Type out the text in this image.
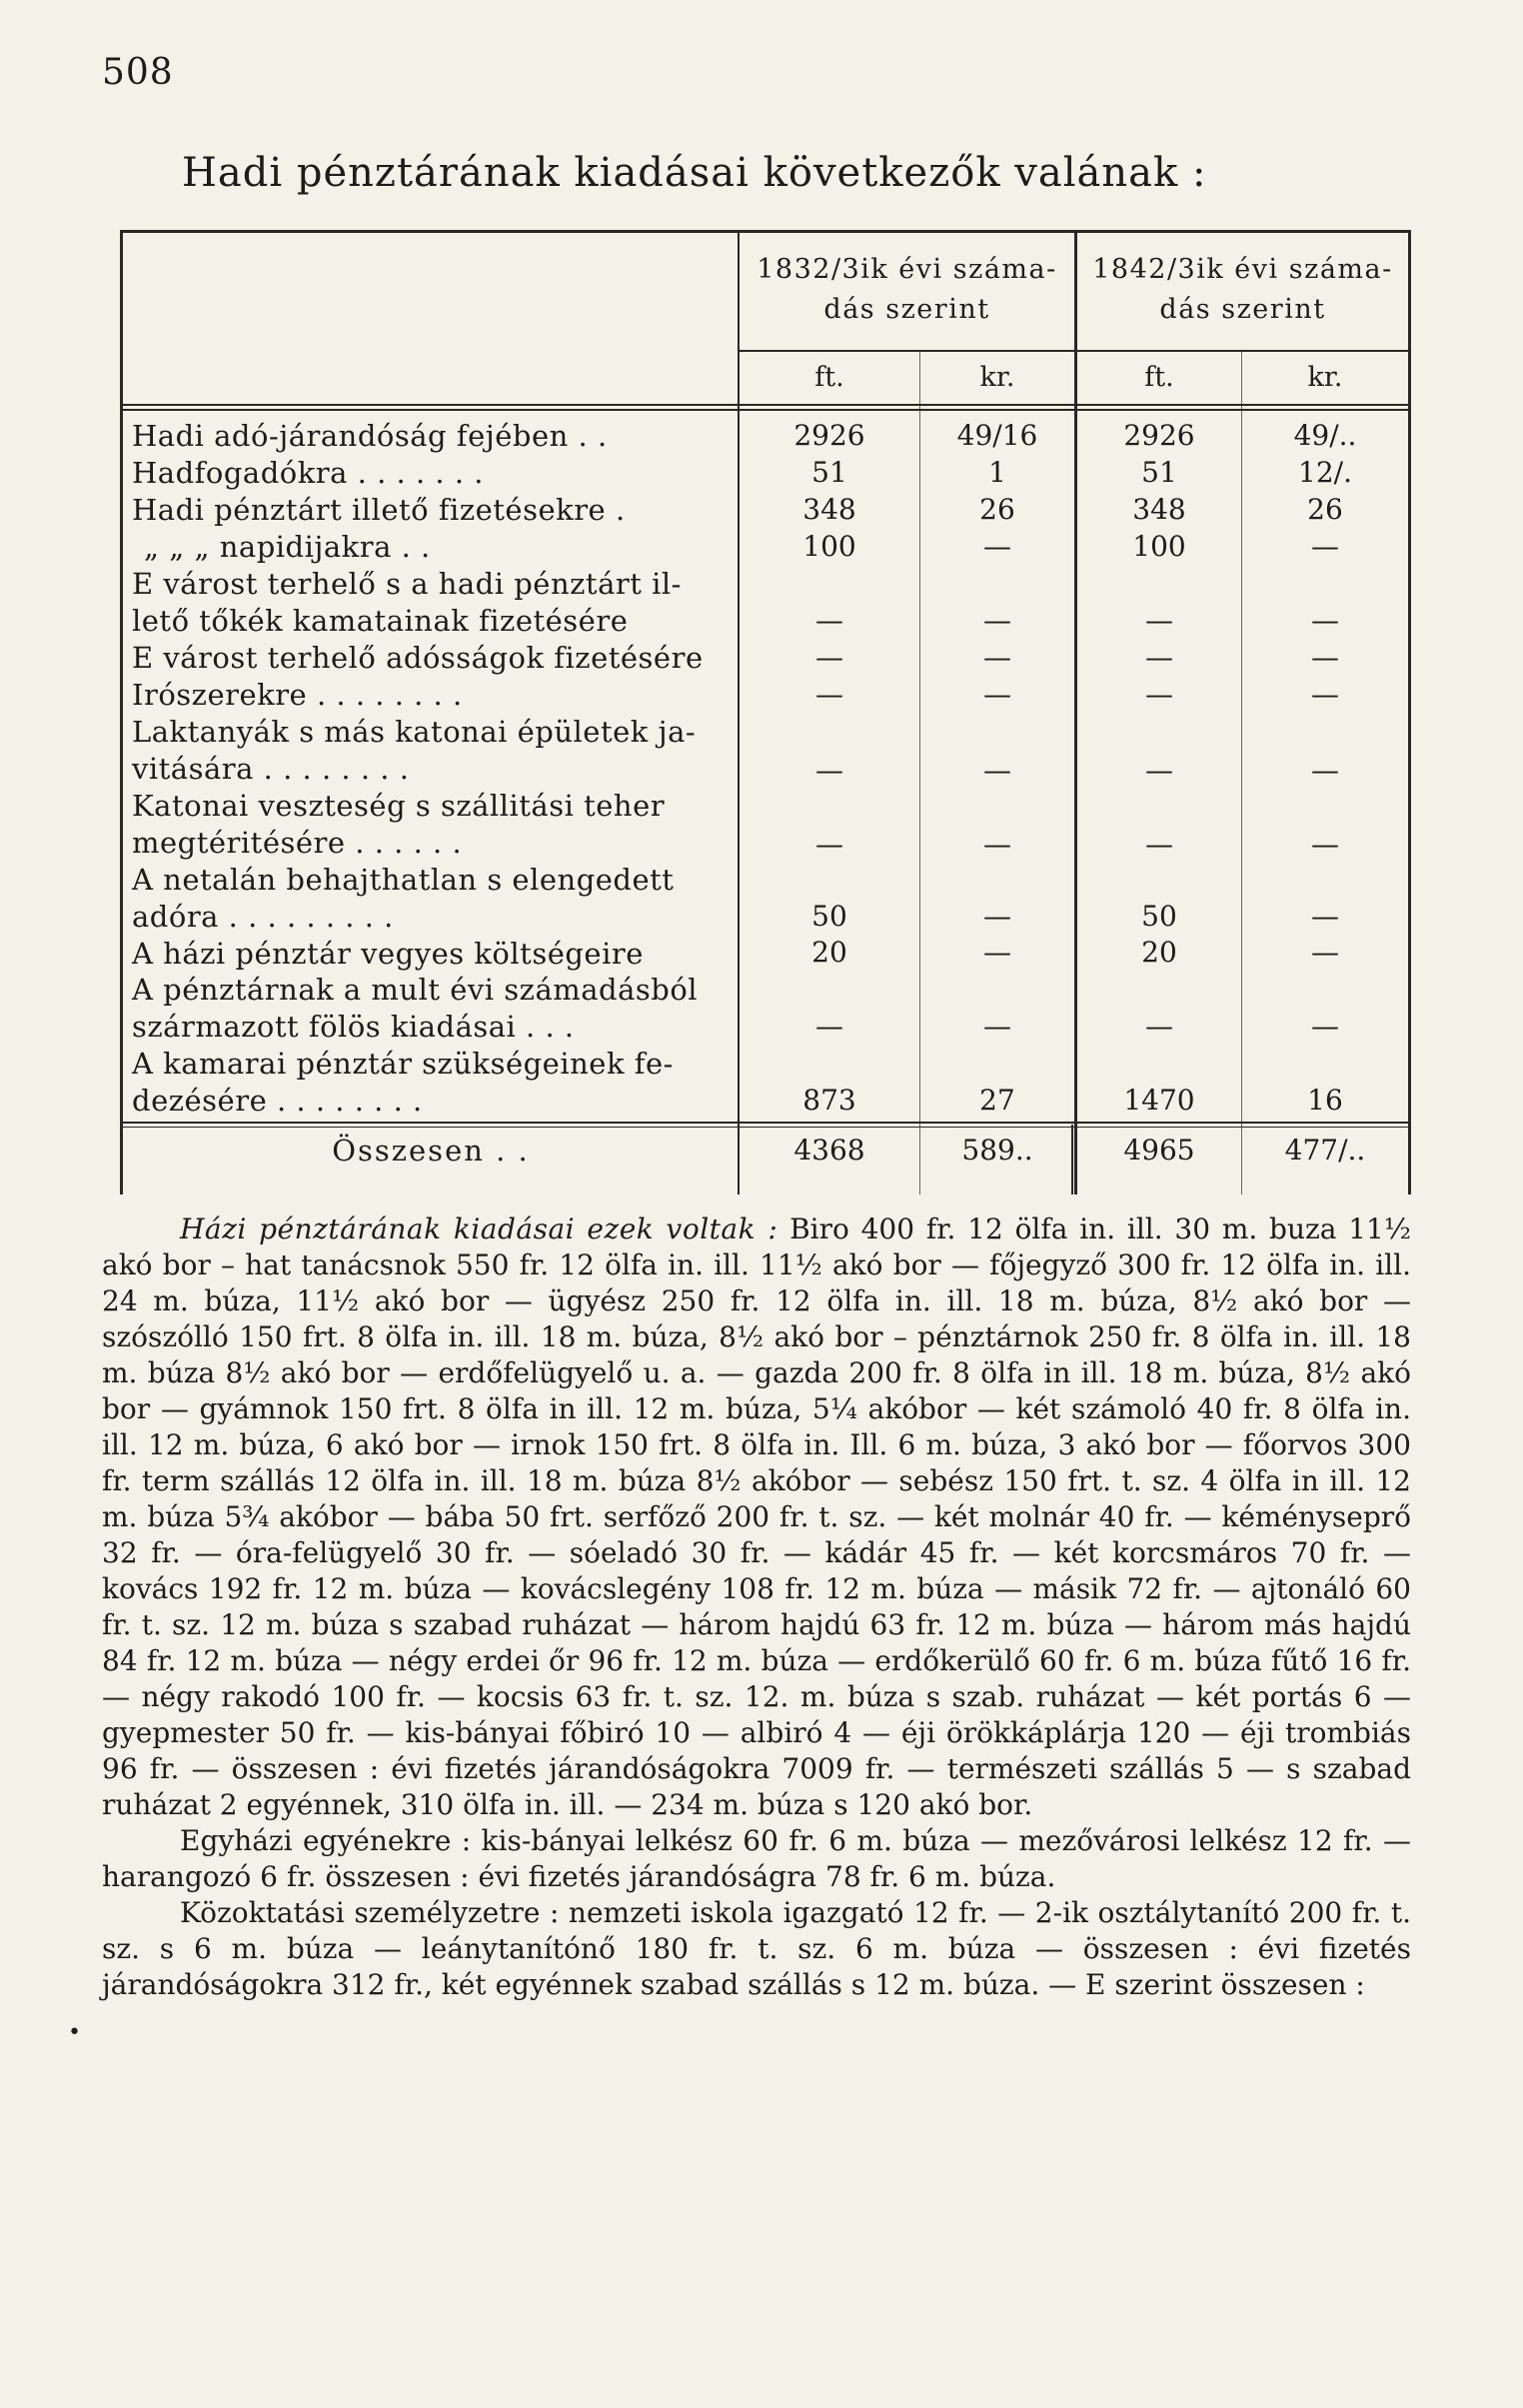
508
Hadi pénztárának kiadásai következők valának :
1832/3ik évi száma-
dás szerint
1842/3ik évi száma-
dás szerint
ft.	kr.	ft.	kr.
Hadi adó-járandóság fejében . .	2926	49/16	2926	49/..
Hadfogadókra . . . . . . .	51	1	51	12/.
Hadi pénztárt illető fizetésekre .	348	26	348	26
„ „ „ napidijakra . .	100	—	100	—
E várost terhelő s a hadi pénztárt il-
lető tőkék kamatainak fizetésére	—	—	—	—
E várost terhelő adósságok fizetésére	—	—	—	—
Irószerekre . . . . . . . .	—	—	—	—
Laktanyák s más katonai épületek ja-
vitására . . . . . . . .	—	—	—	—
Katonai veszteség s szállitási teher
megtéritésére . . . . . .	—	—	—	—
A netalán behajthatlan s elengedett
adóra . . . . . . . . .	50	—	50	—
A házi pénztár vegyes költségeire	20	—	20	—
A pénztárnak a mult évi számadásból
származott fölös kiadásai . . .	—	—	—	—
A kamarai pénztár szükségeinek fe-
dezésére . . . . . . . .	873	27	1470	16
Összesen . .	4368	589..	4965	477/..
•

Házi pénztárának kiadásai ezek voltak : Biro 400 fr. 12 ölfa in. ill. 30 m. buza 11½ akó bor – hat tanácsnok 550 fr. 12 ölfa in. ill. 11½ akó bor — főjegyző 300 fr. 12 ölfa in. ill. 24 m. búza, 11½ akó bor — ügyész 250 fr. 12 ölfa in. ill. 18 m. búza, 8½ akó bor — szószólló 150 frt. 8 ölfa in. ill. 18 m. búza, 8½ akó bor – pénztárnok 250 fr. 8 ölfa in. ill. 18 m. búza 8½ akó bor — erdőfelügyelő u. a. — gazda 200 fr. 8 ölfa in ill. 18 m. búza, 8½ akó bor — gyámnok 150 frt. 8 ölfa in ill. 12 m. búza, 5¼ akóbor — két számoló 40 fr. 8 ölfa in. ill. 12 m. búza, 6 akó bor — irnok 150 frt. 8 ölfa in. Ill. 6 m. búza, 3 akó bor — főorvos 300 fr. term szállás 12 ölfa in. ill. 18 m. búza 8½ akóbor — sebész 150 frt. t. sz. 4 ölfa in ill. 12 m. búza 5¾ akóbor — bába 50 frt. serfőző 200 fr. t. sz. — két molnár 40 fr. — kéményseprő 32 fr. — óra-felügyelő 30 fr. — sóeladó 30 fr. — kádár 45 fr. — két korcsmáros 70 fr. — kovács 192 fr. 12 m. búza — kovácslegény 108 fr. 12 m. búza — másik 72 fr. — ajtonáló 60 fr. t. sz. 12 m. búza s szabad ruházat — három hajdú 63 fr. 12 m. búza — három más hajdú 84 fr. 12 m. búza — négy erdei őr 96 fr. 12 m. búza — erdőkerülő 60 fr. 6 m. búza fűtő 16 fr. — négy rakodó 100 fr. — kocsis 63 fr. t. sz. 12. m. búza s szab. ruházat — két portás 6 — gyepmester 50 fr. — kis-bányai főbiró 10 — albiró 4 — éji örökkáplárja 120 — éji trombiás 96 fr. — összesen : évi fizetés járandóságokra 7009 fr. — természeti szállás 5 — s szabad ruházat 2 egyénnek, 310 ölfa in. ill. — 234 m. búza s 120 akó bor.

Egyházi egyénekre : kis-bányai lelkész 60 fr. 6 m. búza — mezővárosi lelkész 12 fr. — harangozó 6 fr. összesen : évi fizetés járandóságra 78 fr. 6 m. búza.

Közoktatási személyzetre : nemzeti iskola igazgató 12 fr. — 2-ik osztálytanító 200 fr. t. sz. s 6 m. búza — leánytanítónő 180 fr. t. sz. 6 m. búza — összesen : évi fizetés járandóságokra 312 fr., két egyénnek szabad szállás s 12 m. búza. — E szerint összesen :
